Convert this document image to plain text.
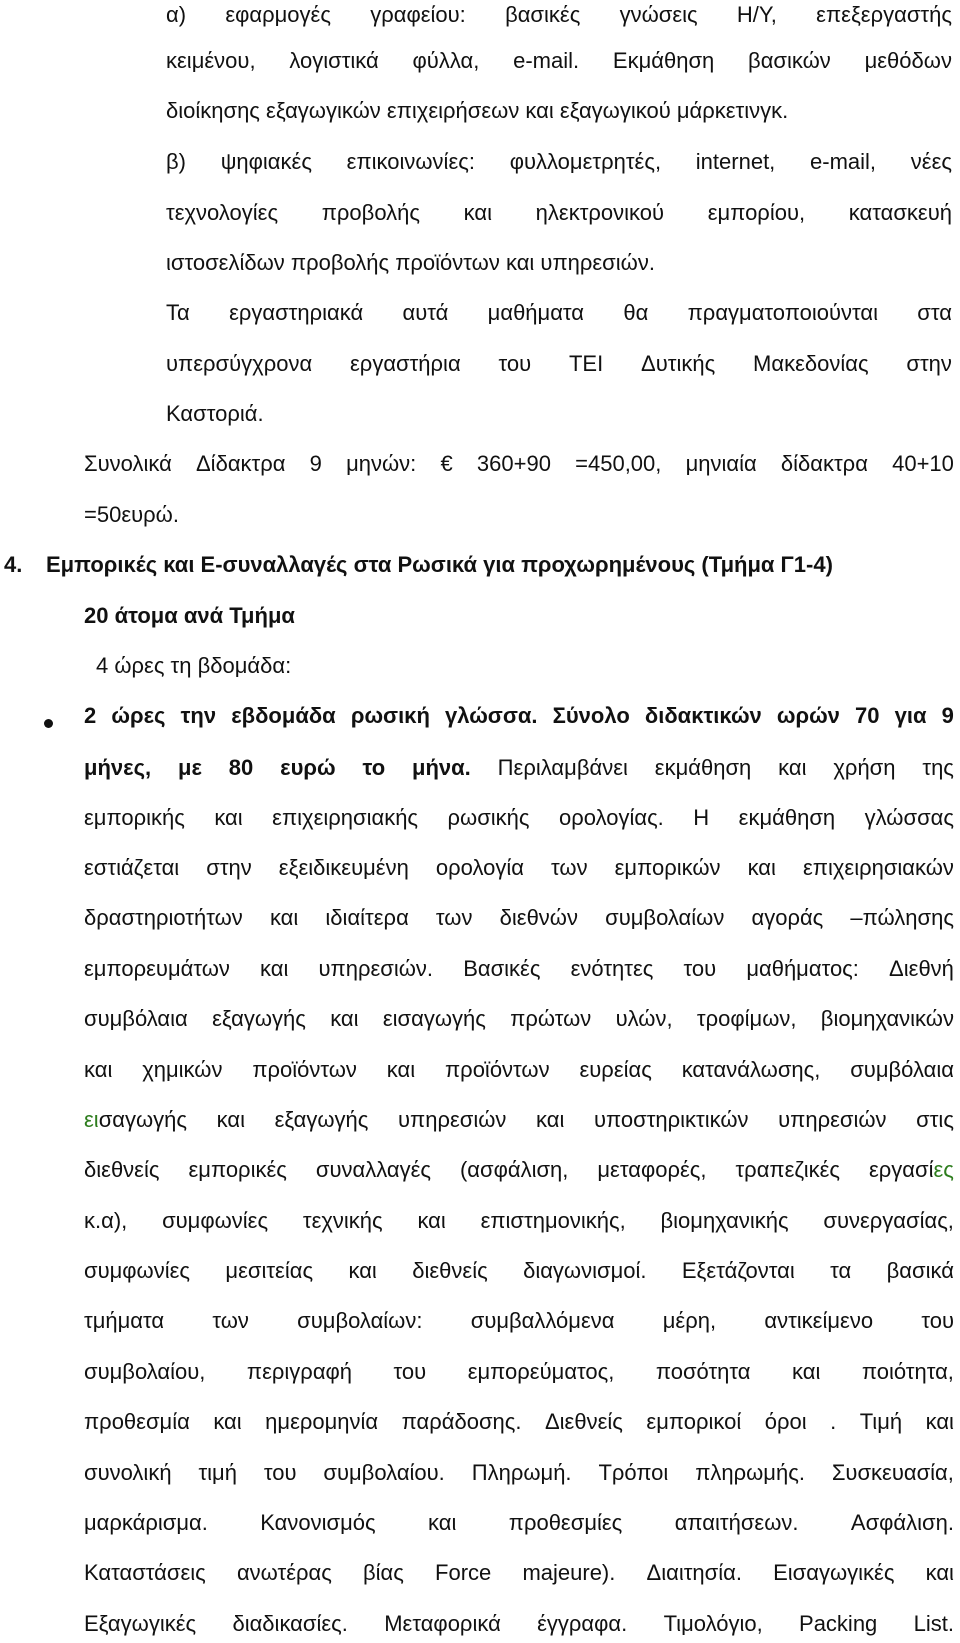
α) εφαρμογές γραφείου: βασικές γνώσεις Η/Υ, επεξεργαστής
κειμένου, λογιστικά φύλλα, e-mail. Εκμάθηση βασικών μεθόδων
διοίκησης εξαγωγικών επιχειρήσεων και εξαγωγικού μάρκετινγκ.
β) ψηφιακές επικοινωνίες: φυλλομετρητές, internet, e-mail, νέες
τεχνολογίες προβολής και ηλεκτρονικού εμπορίου, κατασκευή
ιστοσελίδων προβολής προϊόντων και υπηρεσιών.
Τα εργαστηριακά αυτά μαθήματα θα πραγματοποιούνται στα
υπερσύγχρονα εργαστήρια του ΤΕΙ Δυτικής Μακεδονίας στην
Καστοριά.
Συνολικά Δίδακτρα 9 μηνών: € 360+90 =450,00, μηνιαία δίδακτρα 40+10
=50ευρώ.
4. Εμπορικές και Ε-συναλλαγές στα Ρωσικά για προχωρημένους (Τμήμα Γ1-4)
20 άτομα ανά Τμήμα
4 ώρες τη βδομάδα:
2 ώρες την εβδομάδα ρωσική γλώσσα. Σύνολο διδακτικών ωρών 70 για 9
μήνες, με 80 ευρώ το μήνα. Περιλαμβάνει εκμάθηση και χρήση της
εμπορικής και επιχειρησιακής ρωσικής ορολογίας. Η εκμάθηση γλώσσας
εστιάζεται στην εξειδικευμένη ορολογία των εμπορικών και επιχειρησιακών
δραστηριοτήτων και ιδιαίτερα των διεθνών συμβολαίων αγοράς –πώλησης
εμπορευμάτων και υπηρεσιών. Βασικές ενότητες του μαθήματος: Διεθνή
συμβόλαια εξαγωγής και εισαγωγής πρώτων υλών, τροφίμων, βιομηχανικών
και χημικών προϊόντων και προϊόντων ευρείας κατανάλωσης, συμβόλαια
εισαγωγής και εξαγωγής υπηρεσιών και υποστηρικτικών υπηρεσιών στις
διεθνείς εμπορικές συναλλαγές (ασφάλιση, μεταφορές, τραπεζικές εργασίες
κ.α), συμφωνίες τεχνικής και επιστημονικής, βιομηχανικής συνεργασίας,
συμφωνίες μεσιτείας και διεθνείς διαγωνισμοί. Εξετάζονται τα βασικά
τμήματα των συμβολαίων: συμβαλλόμενα μέρη, αντικείμενο του
συμβολαίου, περιγραφή του εμπορεύματος, ποσότητα και ποιότητα,
προθεσμία και ημερομηνία παράδοσης. Διεθνείς εμπορικοί όροι . Τιμή και
συνολική τιμή του συμβολαίου. Πληρωμή. Τρόποι πληρωμής. Συσκευασία,
μαρκάρισμα. Κανονισμός και προθεσμίες απαιτήσεων. Ασφάλιση.
Καταστάσεις ανωτέρας βίας Force majeure). Διαιτησία. Εισαγωγικές και
Εξαγωγικές διαδικασίες. Μεταφορικά έγγραφα. Τιμολόγιο, Packing List.
